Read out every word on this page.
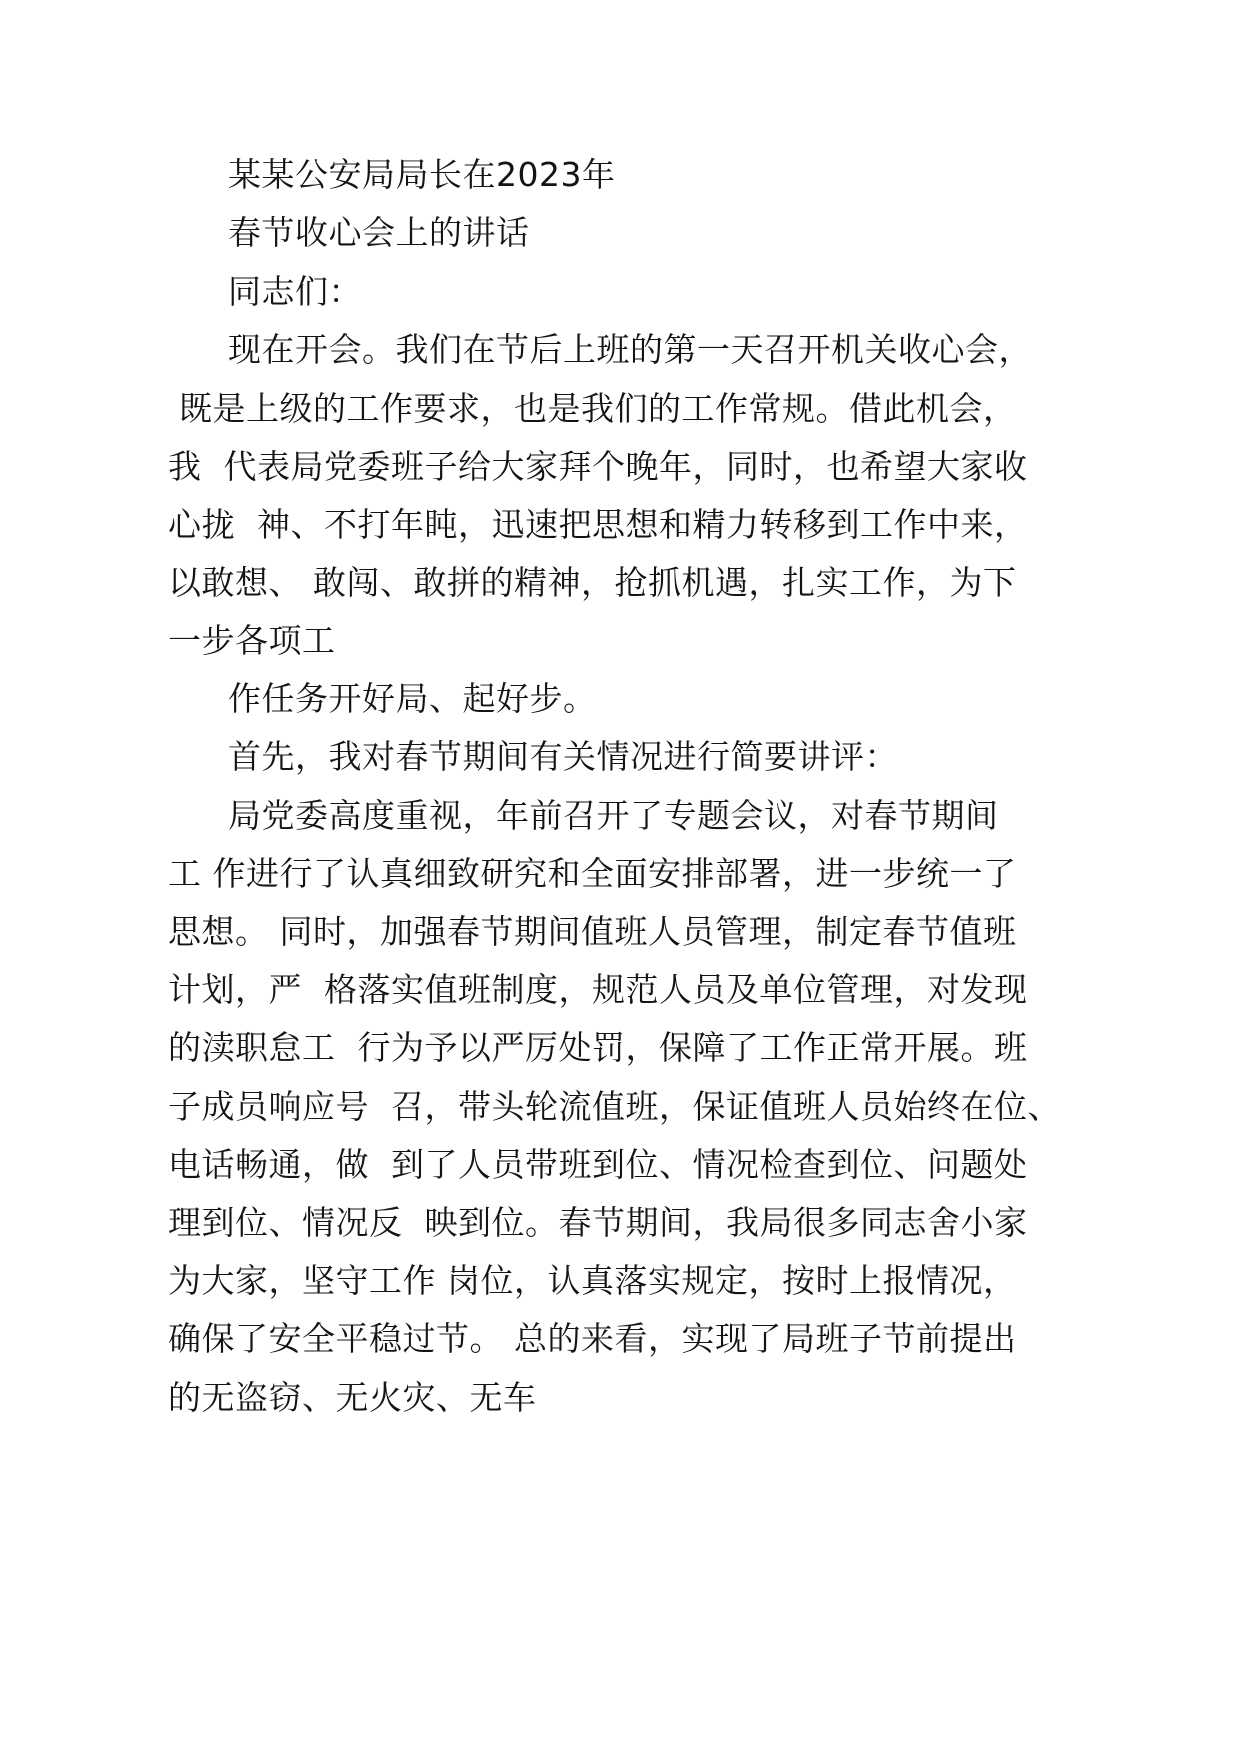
某某公安局局长在2023年
春节收心会上的讲话
同志们：
现在开会。我们在节后上班的第一天召开机关收心会，
既是上级的工作要求，也是我们的工作常规。借此机会，
我  代表局党委班子给大家拜个晚年，同时，也希望大家收
心拢  神、不打年盹，迅速把思想和精力转移到工作中来，
以敢想、 敢闯、敢拼的精神，抢抓机遇，扎实工作，为下
一步各项工
作任务开好局、起好步。
首先，我对春节期间有关情况进行简要讲评：
局党委高度重视，年前召开了专题会议，对春节期间
工 作进行了认真细致研究和全面安排部署，进一步统一了
思想。 同时，加强春节期间值班人员管理，制定春节值班
计划，严  格落实值班制度，规范人员及单位管理，对发现
的渎职怠工  行为予以严厉处罚，保障了工作正常开展。班
子成员响应号  召，带头轮流值班，保证值班人员始终在位、
电话畅通，做  到了人员带班到位、情况检查到位、问题处
理到位、情况反  映到位。春节期间，我局很多同志舍小家
为大家，坚守工作 岗位，认真落实规定，按时上报情况，
确保了安全平稳过节。 总的来看，实现了局班子节前提出
的无盗窃、无火灾、无车
